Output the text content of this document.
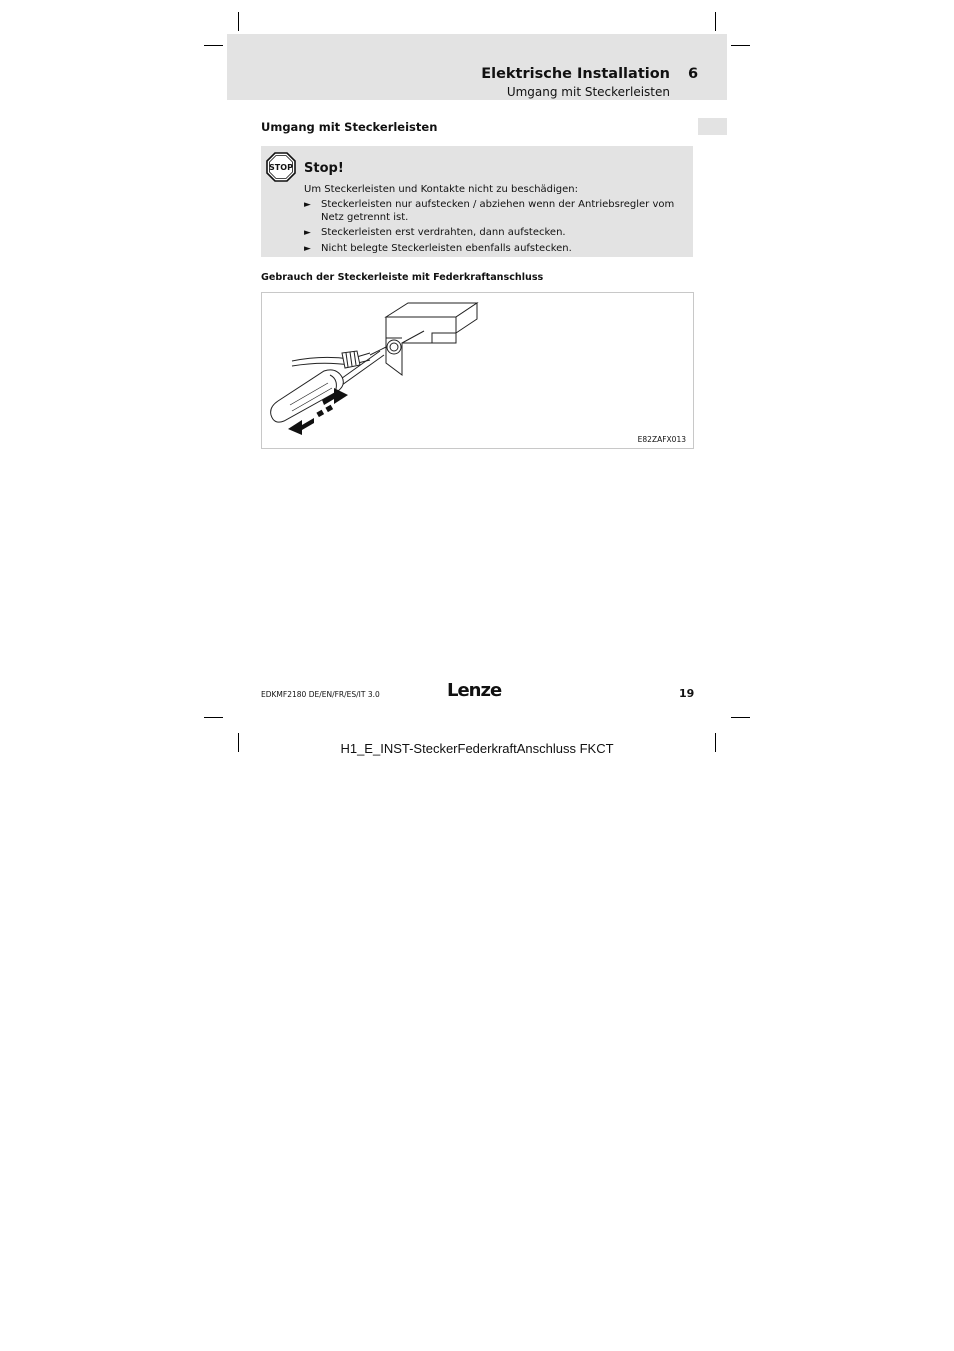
Elektrische Installation 6
Umgang mit Steckerleisten
Umgang mit Steckerleisten
STOP Stop!
Um Steckerleisten und Kontakte nicht zu beschädigen:
► Steckerleisten nur aufstecken / abziehen wenn der Antriebsregler vom Netz getrennt ist.
► Steckerleisten erst verdrahten, dann aufstecken.
► Nicht belegte Steckerleisten ebenfalls aufstecken.
Gebrauch der Steckerleiste mit Federkraftanschluss
E82ZAFX013
EDKMF2180 DE/EN/FR/ES/IT 3.0	Lenze	19
H1_E_INST-SteckerFederkraftAnschluss FKCT
